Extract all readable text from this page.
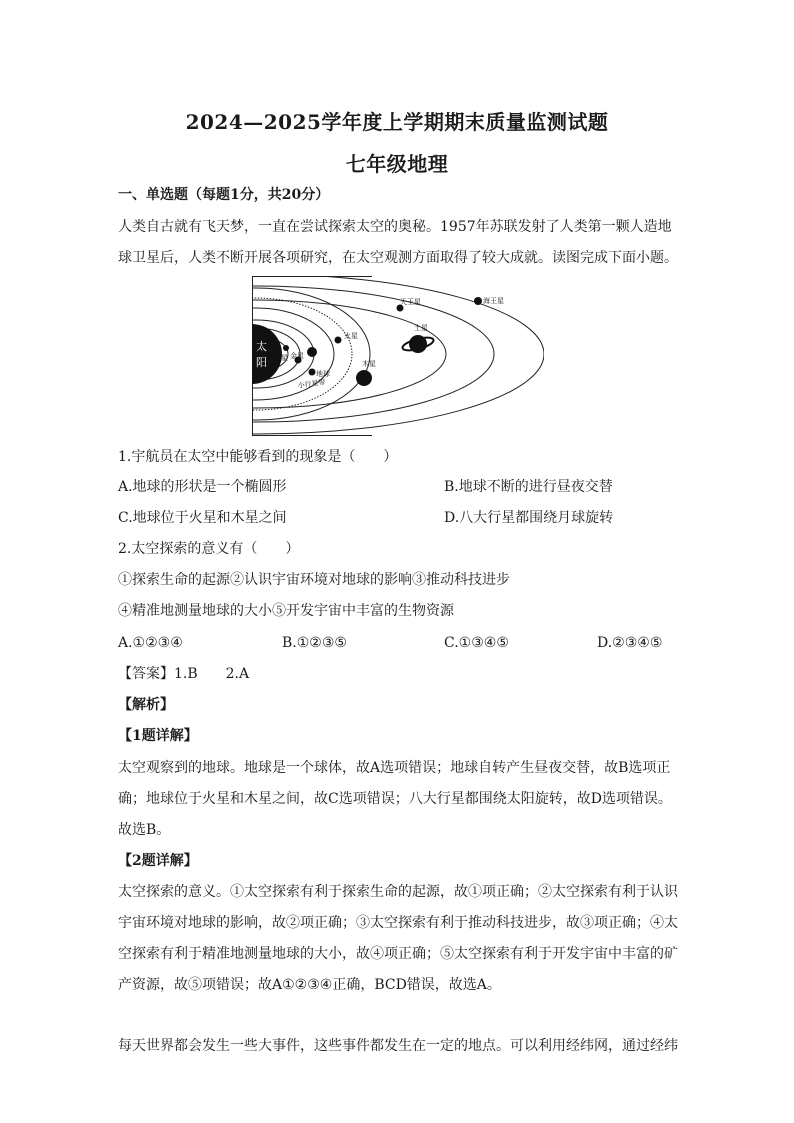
2024—2025学年度上学期期末质量监测试题
七年级地理

一、单选题（每题1分，共20分）

人类自古就有飞天梦，一直在尝试探索太空的奥秘。1957年苏联发射了人类第一颗人造地

球卫星后，人类不断开展各项研究，在太空观测方面取得了较大成就。读图完成下面小题。

太
阳 水星 金星
地球
火星
小行星带
木星
土星
天王星	海王星

1.宇航员在太空中能够看到的现象是（　　）

A.地球的形状是一个椭圆形	B.地球不断的进行昼夜交替

C.地球位于火星和木星之间	D.八大行星都围绕月球旋转

2.太空探索的意义有（　　）

①探索生命的起源②认识宇宙环境对地球的影响③推动科技进步

④精准地测量地球的大小⑤开发宇宙中丰富的生物资源

A.①②③④	B.①②③⑤	C.①③④⑤	D.②③④⑤

【答案】1.B　　2.A

【解析】

【1题详解】

太空观察到的地球。地球是一个球体，故A选项错误；地球自转产生昼夜交替，故B选项正

确；地球位于火星和木星之间，故C选项错误；八大行星都围绕太阳旋转，故D选项错误。

故选B。

【2题详解】

太空探索的意义。①太空探索有利于探索生命的起源，故①项正确；②太空探索有利于认识

宇宙环境对地球的影响，故②项正确；③太空探索有利于推动科技进步，故③项正确；④太

空探索有利于精准地测量地球的大小，故④项正确；⑤太空探索有利于开发宇宙中丰富的矿

产资源，故⑤项错误；故A①②③④正确，BCD错误，故选A。

每天世界都会发生一些大事件，这些事件都发生在一定的地点。可以利用经纬网，通过经纬
